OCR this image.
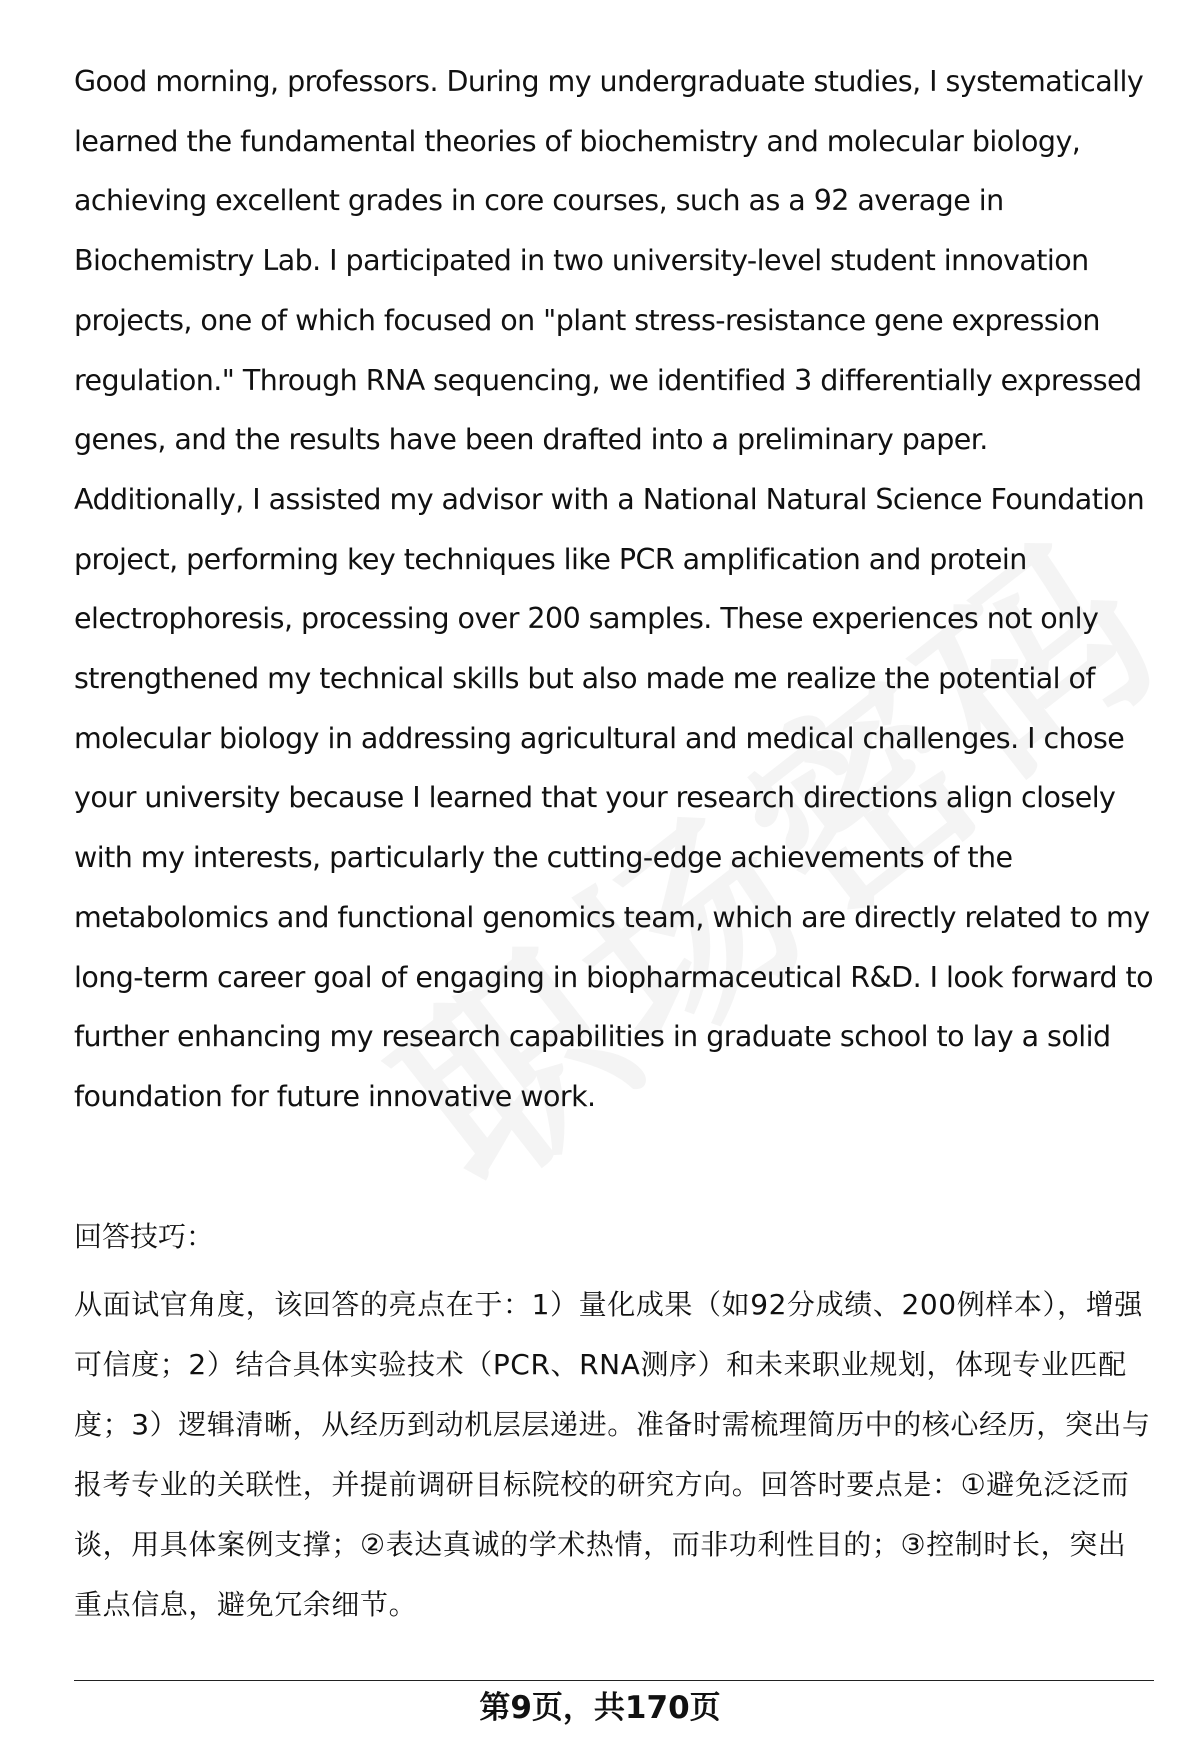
Good morning, professors. During my undergraduate studies, I systematically learned the fundamental theories of biochemistry and molecular biology, achieving excellent grades in core courses, such as a 92 average in Biochemistry Lab. I participated in two university-level student innovation projects, one of which focused on "plant stress-resistance gene expression regulation." Through RNA sequencing, we identified 3 differentially expressed genes, and the results have been drafted into a preliminary paper. Additionally, I assisted my advisor with a National Natural Science Foundation project, performing key techniques like PCR amplification and protein electrophoresis, processing over 200 samples. These experiences not only strengthened my technical skills but also made me realize the potential of molecular biology in addressing agricultural and medical challenges. I chose your university because I learned that your research directions align closely with my interests, particularly the cutting-edge achievements of the metabolomics and functional genomics team, which are directly related to my long-term career goal of engaging in biopharmaceutical R&D. I look forward to further enhancing my research capabilities in graduate school to lay a solid foundation for future innovative work.

回答技巧：

从面试官角度，该回答的亮点在于：1）量化成果（如92分成绩、200例样本），增强可信度；2）结合具体实验技术（PCR、RNA测序）和未来职业规划，体现专业匹配度；3）逻辑清晰，从经历到动机层层递进。准备时需梳理简历中的核心经历，突出与报考专业的关联性，并提前调研目标院校的研究方向。回答时要点是：①避免泛泛而谈，用具体案例支撑；②表达真诚的学术热情，而非功利性目的；③控制时长，突出重点信息，避免冗余细节。

第9页，共170页
